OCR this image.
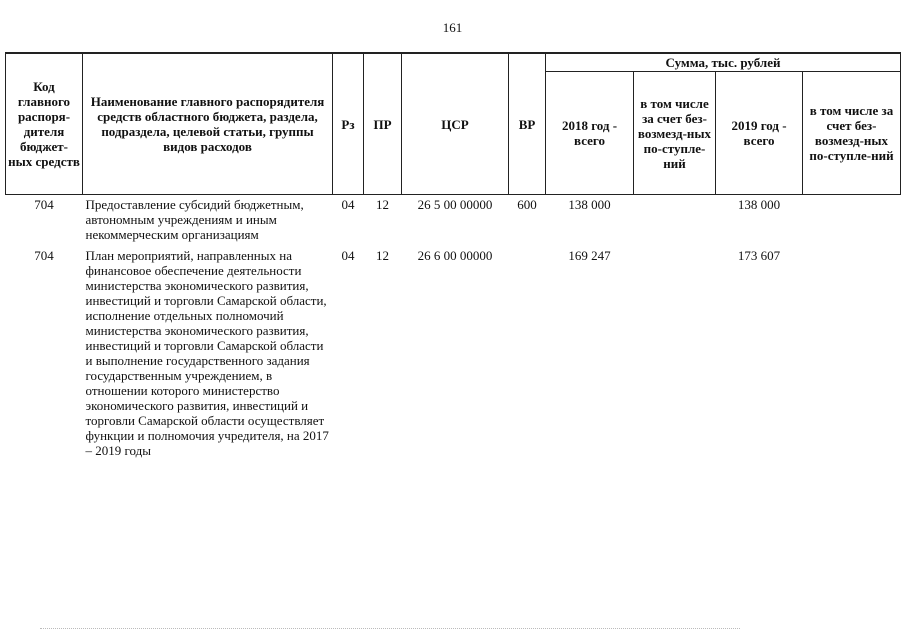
161
Код главного распоря-дителя бюджет-ных средств	Наименование главного распорядителя средств областного бюджета, раздела, подраздела, целевой статьи, группы видов расходов	Рз	ПР	ЦСР	ВР	Сумма, тыс. рублей			
						2018 год - всего	в том числе за счет без-возмезд-ных по-ступле-ний	2019 год - всего	в том числе за счет без-возмезд-ных по-ступле-ний
704	Предоставление субсидий бюджетным, автономным учреждениям и иным некоммерческим организациям	04	12	26 5 00 00000	600	138 000		138 000	
704	План мероприятий, направленных на финансовое обеспечение деятельности министерства экономического развития, инвестиций и торговли Самарской области, исполнение отдельных полномочий министерства экономического развития, инвестиций и торговли Самарской области и выполнение государственного задания государственным учреждением, в отношении которого министерство экономического развития, инвестиций и торговли Самарской области осуществляет функции и полномочия учредителя, на 2017 – 2019 годы	04	12	26 6 00 00000		169 247		173 607	
